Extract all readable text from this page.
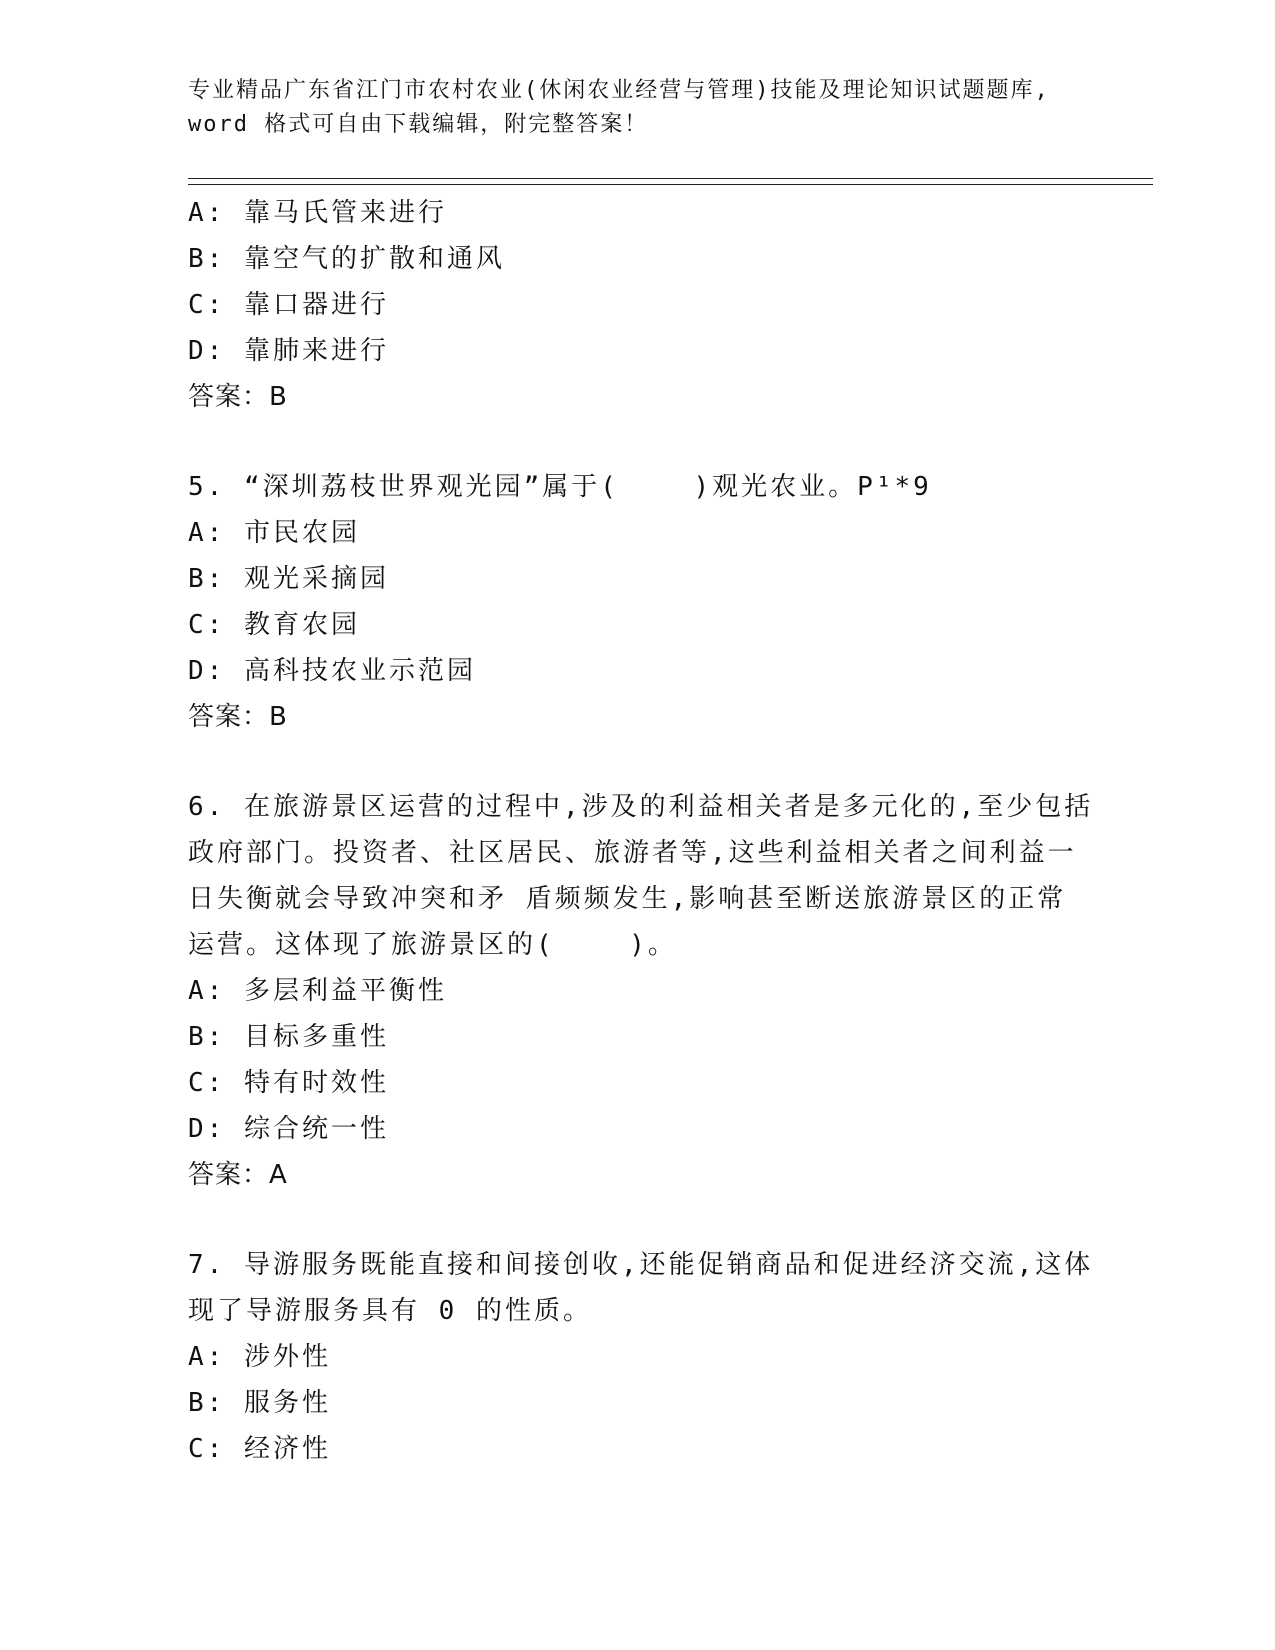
专业精品广东省江门市农村农业(休闲农业经营与管理)技能及理论知识试题题库,
word 格式可自由下载编辑，附完整答案！
A: 靠马氏管来进行
B: 靠空气的扩散和通风
C: 靠口器进行
D: 靠肺来进行
答案：B
5. “深圳荔枝世界观光园”属于(    )观光农业。P¹*9
A: 市民农园
B: 观光采摘园
C: 教育农园
D: 高科技农业示范园
答案：B
6. 在旅游景区运营的过程中,涉及的利益相关者是多元化的,至少包括
政府部门。投资者、社区居民、旅游者等,这些利益相关者之间利益一
日失衡就会导致冲突和矛 盾频频发生,影响甚至断送旅游景区的正常
运营。这体现了旅游景区的(    )。
A: 多层利益平衡性
B: 目标多重性
C: 特有时效性
D: 综合统一性
答案：A
7. 导游服务既能直接和间接创收,还能促销商品和促进经济交流,这体
现了导游服务具有 0 的性质。
A: 涉外性
B: 服务性
C: 经济性
